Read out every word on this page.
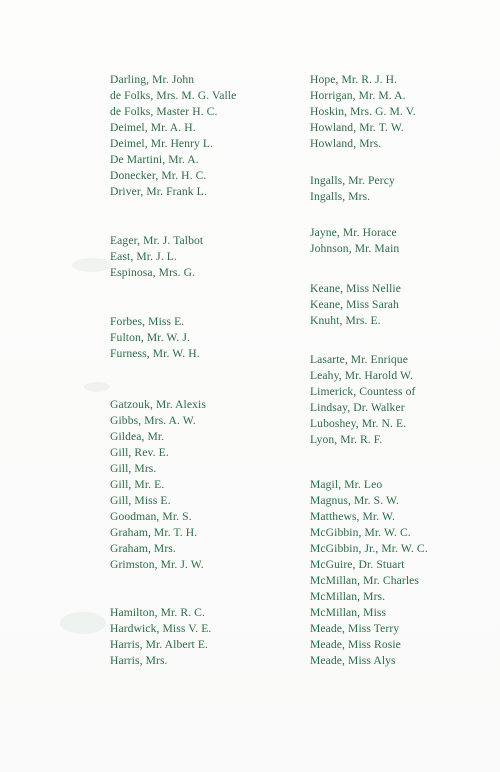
Darling, Mr. John
de Folks, Mrs. M. G. Valle
de Folks, Master H. C.
Deimel, Mr. A. H.
Deimel, Mr. Henry L.
De Martini, Mr. A.
Donecker, Mr. H. C.
Driver, Mr. Frank L.
Eager, Mr. J. Talbot
East, Mr. J. L.
Espinosa, Mrs. G.
Forbes, Miss E.
Fulton, Mr. W. J.
Furness, Mr. W. H.
Gatzouk, Mr. Alexis
Gibbs, Mrs. A. W.
Gildea, Mr.
Gill, Rev. E.
Gill, Mrs.
Gill, Mr. E.
Gill, Miss E.
Goodman, Mr. S.
Graham, Mr. T. H.
Graham, Mrs.
Grimston, Mr. J. W.
Hamilton, Mr. R. C.
Hardwick, Miss V. E.
Harris, Mr. Albert E.
Harris, Mrs.
Hope, Mr. R. J. H.
Horrigan, Mr. M. A.
Hoskin, Mrs. G. M. V.
Howland, Mr. T. W.
Howland, Mrs.
Ingalls, Mr. Percy
Ingalls, Mrs.
Jayne, Mr. Horace
Johnson, Mr. Main
Keane, Miss Nellie
Keane, Miss Sarah
Knuht, Mrs. E.
Lasarte, Mr. Enrique
Leahy, Mr. Harold W.
Limerick, Countess of
Lindsay, Dr. Walker
Luboshey, Mr. N. E.
Lyon, Mr. R. F.
Magil, Mr. Leo
Magnus, Mr. S. W.
Matthews, Mr. W.
McGibbin, Mr. W. C.
McGibbin, Jr., Mr. W. C.
McGuire, Dr. Stuart
McMillan, Mr. Charles
McMillan, Mrs.
McMillan, Miss
Meade, Miss Terry
Meade, Miss Rosie
Meade, Miss Alys
